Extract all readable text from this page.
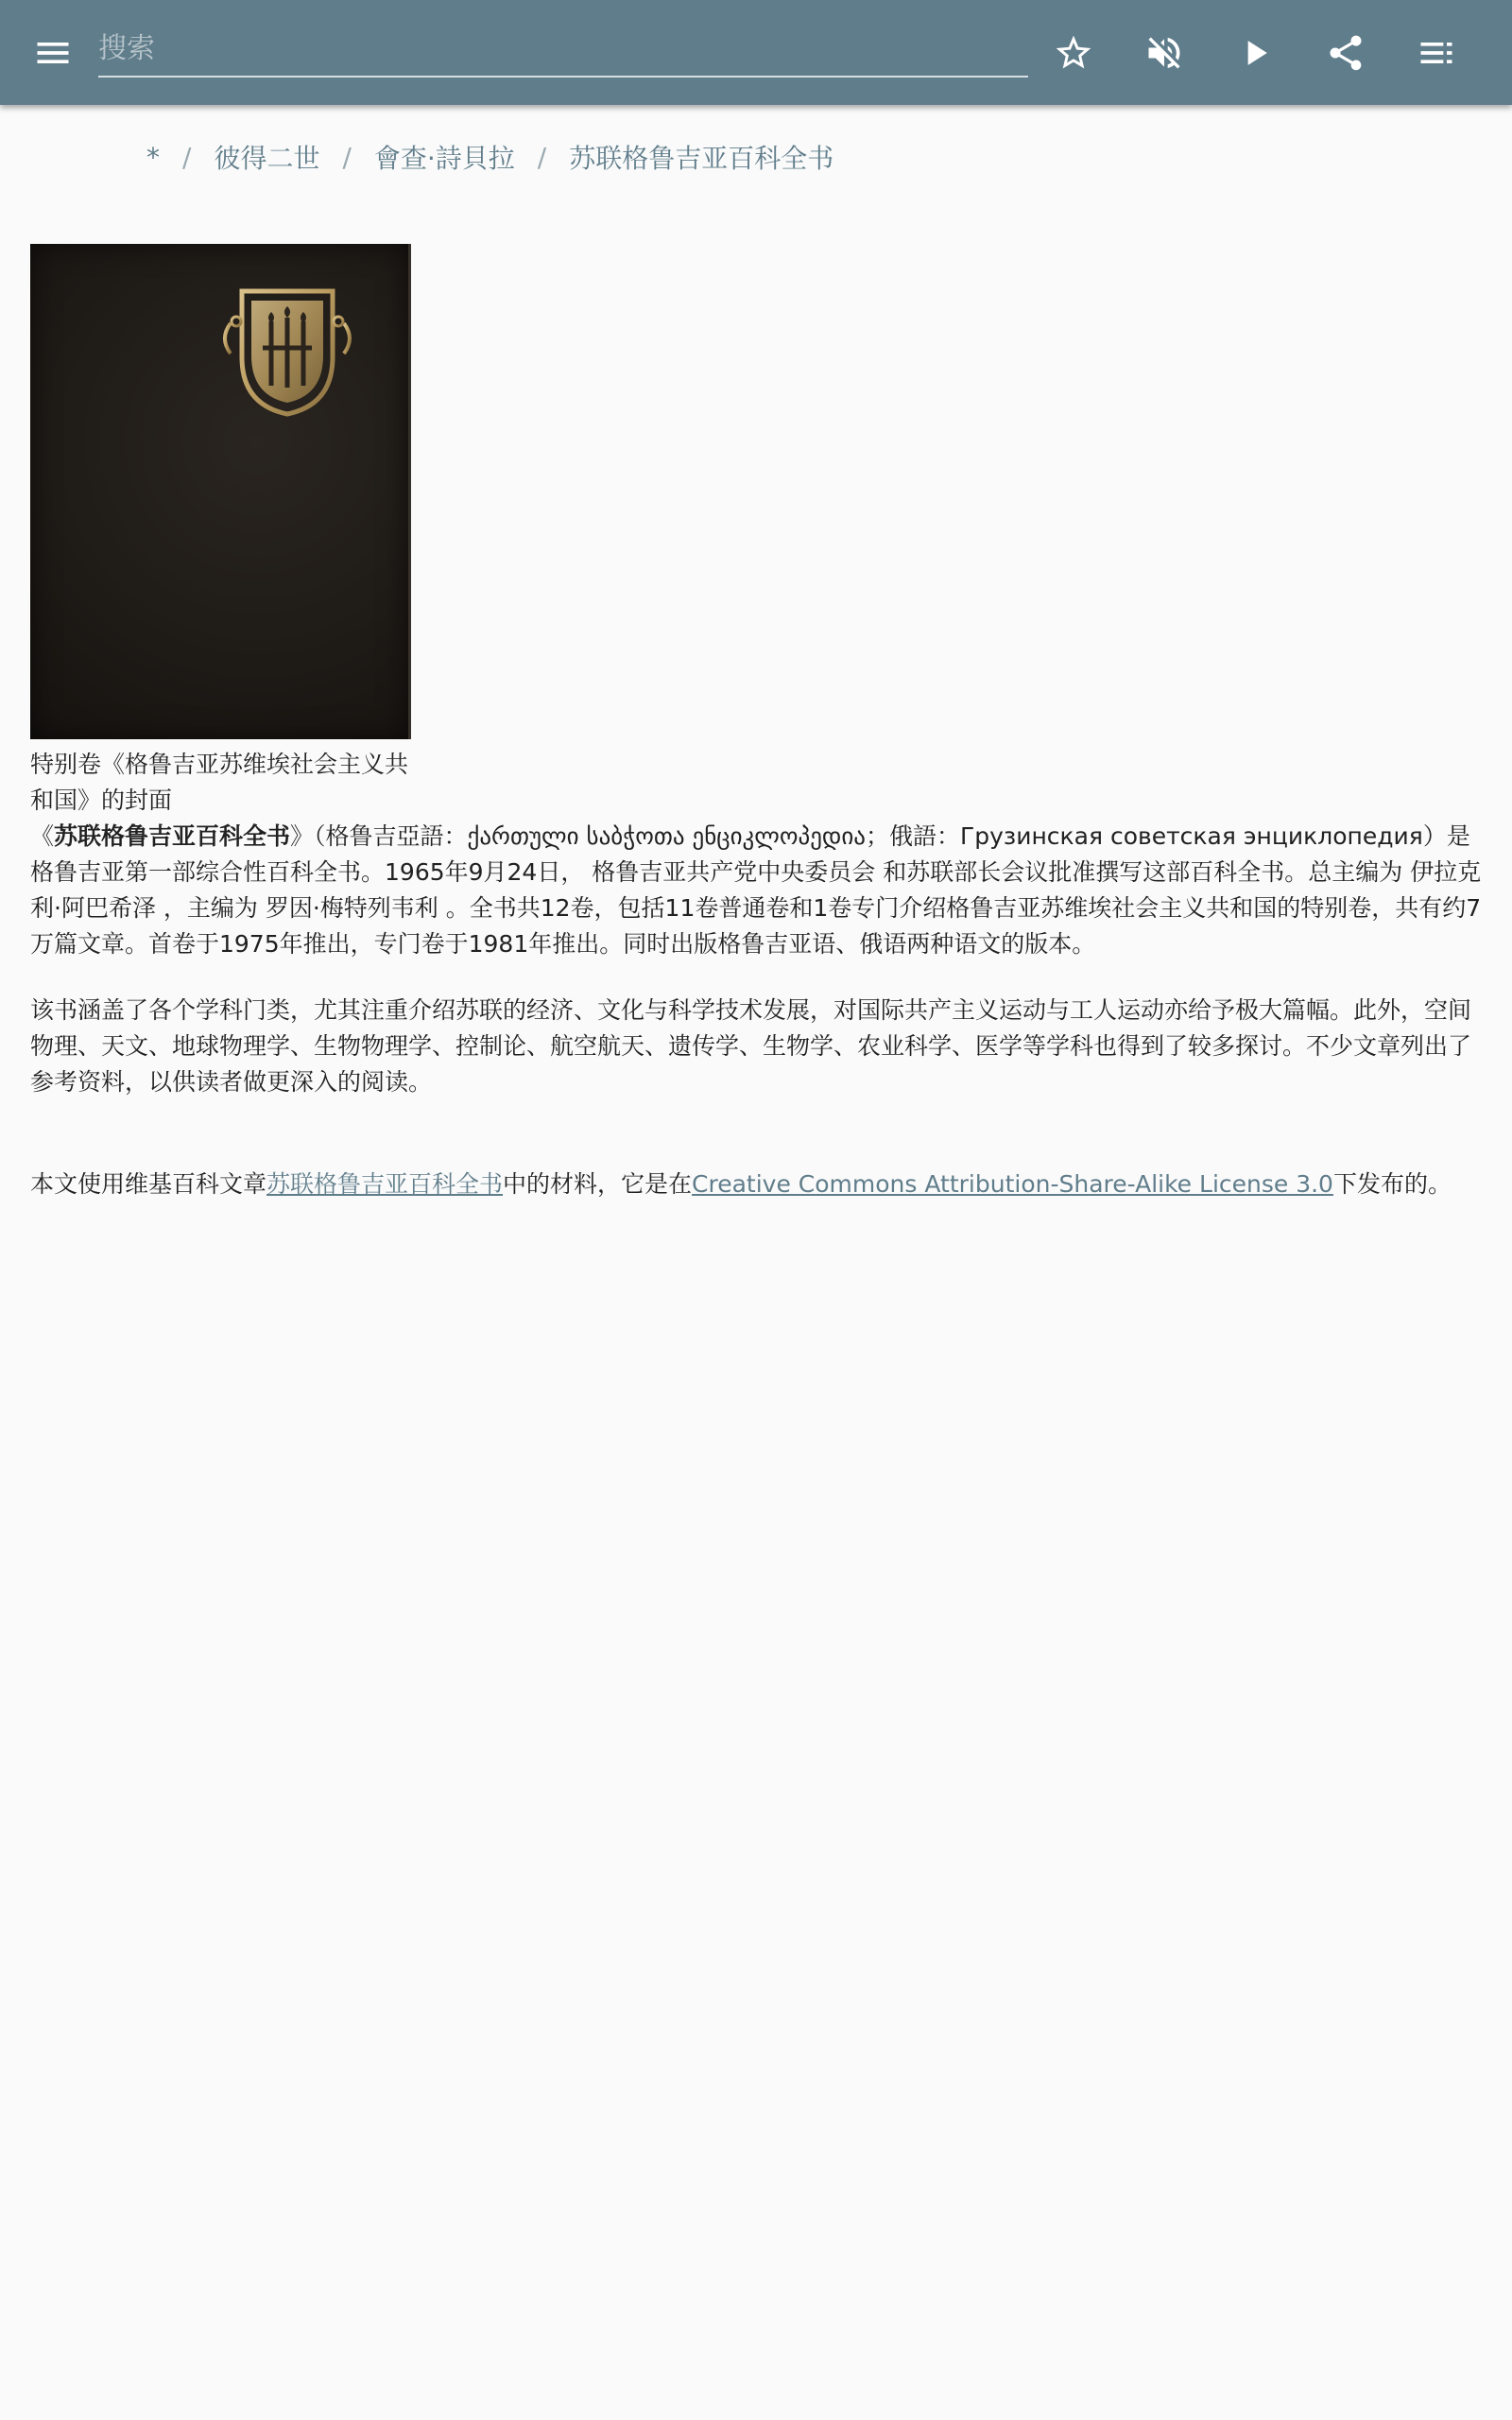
搜索
* / 彼得二世 / 會查·詩貝拉 / 苏联格鲁吉亚百科全书
特别卷《格鲁吉亚苏维埃社会主义共和国》的封面

《苏联格鲁吉亚百科全书》（格鲁吉亞語：ქართული საბჭოთა ენციკლოპედია；俄語：Грузинская советская энциклопедия）是格鲁吉亚第一部综合性百科全书。1965年9月24日， 格鲁吉亚共产党中央委员会 和苏联部长会议批准撰写这部百科全书。总主编为 伊拉克利·阿巴希泽 ，主编为 罗因·梅特列韦利 。全书共12卷，包括11卷普通卷和1卷专门介绍格鲁吉亚苏维埃社会主义共和国的特别卷，共有约7万篇文章。首卷于1975年推出，专门卷于1981年推出。同时出版格鲁吉亚语、俄语两种语文的版本。

该书涵盖了各个学科门类，尤其注重介绍苏联的经济、文化与科学技术发展，对国际共产主义运动与工人运动亦给予极大篇幅。此外，空间物理、天文、地球物理学、生物物理学、控制论、航空航天、遗传学、生物学、农业科学、医学等学科也得到了较多探讨。不少文章列出了参考资料，以供读者做更深入的阅读。

本文使用维基百科文章苏联格鲁吉亚百科全书中的材料，它是在Creative Commons Attribution-Share-Alike License 3.0下发布的。
